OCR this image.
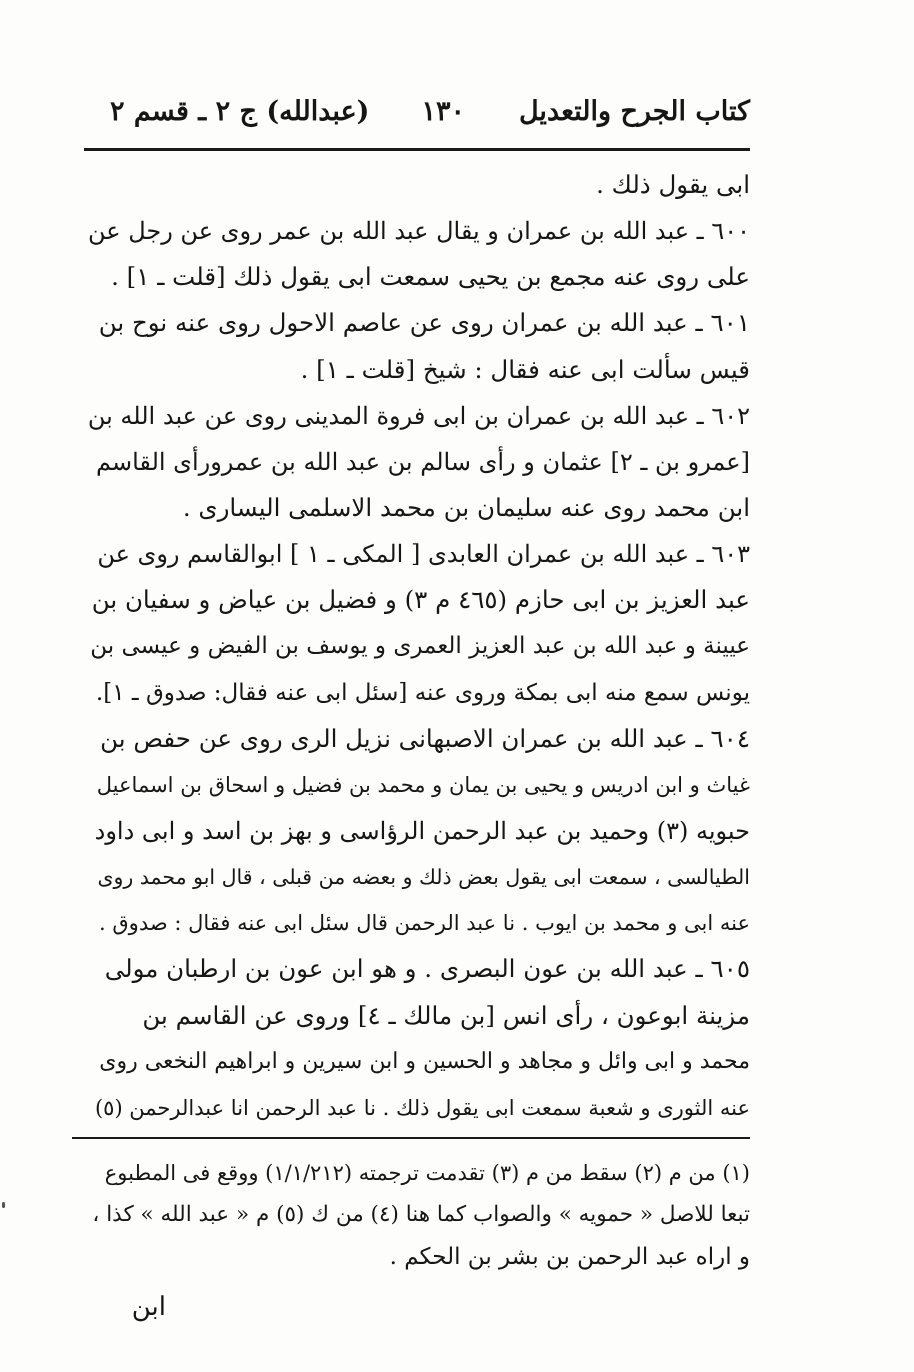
كتاب الجرح والتعديل
١٣٠
(عبدالله) ج ٢ ـ قسم ٢
ابى يقول ذلك .
٦٠٠ ـ عبد الله بن عمران و يقال عبد الله بن عمر روى عن رجل عن
على روى عنه مجمع بن يحيى سمعت ابى يقول ذلك [قلت ـ ١] .
٦٠١ ـ عبد الله بن عمران روى عن عاصم الاحول روى عنه نوح بن
قيس سألت ابى عنه فقال : شيخ [قلت ـ ١] .
٦٠٢ ـ عبد الله بن عمران بن ابى فروة المدينى روى عن عبد الله بن
[عمرو بن ـ ٢] عثمان و رأى سالم بن عبد الله بن عمرورأى القاسم
ابن محمد روى عنه سليمان بن محمد الاسلمى اليسارى .
٦٠٣ ـ عبد الله بن عمران العابدى [ المكى ـ ١ ] ابوالقاسم روى عن
عبد العزيز بن ابى حازم (٤٦٥ م ٣) و فضيل بن عياض و سفيان بن
عيينة و عبد الله بن عبد العزيز العمرى و يوسف بن الفيض و عيسى بن
يونس سمع منه ابى بمكة وروى عنه [سئل ابى عنه فقال: صدوق ـ ١].
٦٠٤ ـ عبد الله بن عمران الاصبهانى نزيل الرى روى عن حفص بن
غياث و ابن ادريس و يحيى بن يمان و محمد بن فضيل و اسحاق بن اسماعيل
حبويه (٣) وحميد بن عبد الرحمن الرؤاسى و بهز بن اسد و ابى داود
الطيالسى ، سمعت ابى يقول بعض ذلك و بعضه من قبلى ، قال ابو محمد روى
عنه ابى و محمد بن ايوب . نا عبد الرحمن قال سئل ابى عنه فقال : صدوق .
٦٠٥ ـ عبد الله بن عون البصرى . و هو ابن عون بن ارطبان مولى
مزينة ابوعون ، رأى انس [بن مالك ـ ٤] وروى عن القاسم بن
محمد و ابى وائل و مجاهد و الحسين و ابن سيرين و ابراهيم النخعى روى
عنه الثورى و شعبة سمعت ابى يقول ذلك . نا عبد الرحمن انا عبدالرحمن (٥)
(١) من م (٢) سقط من م (٣) تقدمت ترجمته (١/١/٢١٢) ووقع فى المطبوع
تبعا للاصل « حمويه » والصواب كما هنا (٤) من ك (٥) م « عبد الله » كذا ،
و اراه عبد الرحمن بن بشر بن الحكم .
ابن
